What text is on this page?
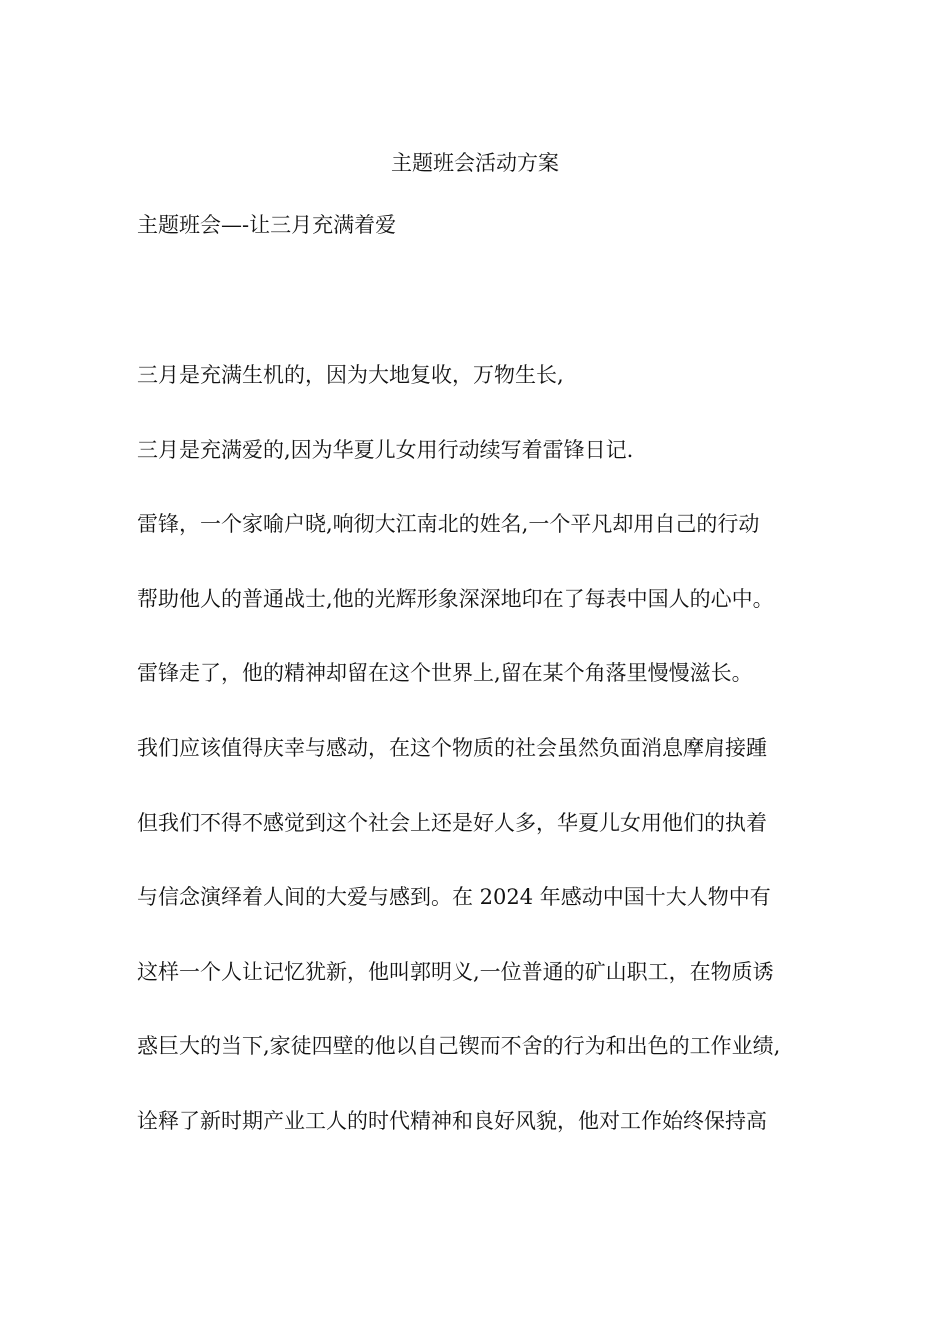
主题班会活动方案
主题班会—-让三月充满着爱
三月是充满生机的，因为大地复收，万物生长,
三月是充满爱的,因为华夏儿女用行动续写着雷锋日记.
雷锋，一个家喻户晓,响彻大江南北的姓名,一个平凡却用自己的行动
帮助他人的普通战士,他的光辉形象深深地印在了每表中国人的心中。
雷锋走了，他的精神却留在这个世界上,留在某个角落里慢慢滋长。
我们应该值得庆幸与感动，在这个物质的社会虽然负面消息摩肩接踵
但我们不得不感觉到这个社会上还是好人多，华夏儿女用他们的执着
与信念演绎着人间的大爱与感到。在 2024 年感动中国十大人物中有
这样一个人让记忆犹新，他叫郭明义,一位普通的矿山职工，在物质诱
惑巨大的当下,家徒四壁的他以自己锲而不舍的行为和出色的工作业绩,
诠释了新时期产业工人的时代精神和良好风貌，他对工作始终保持高
